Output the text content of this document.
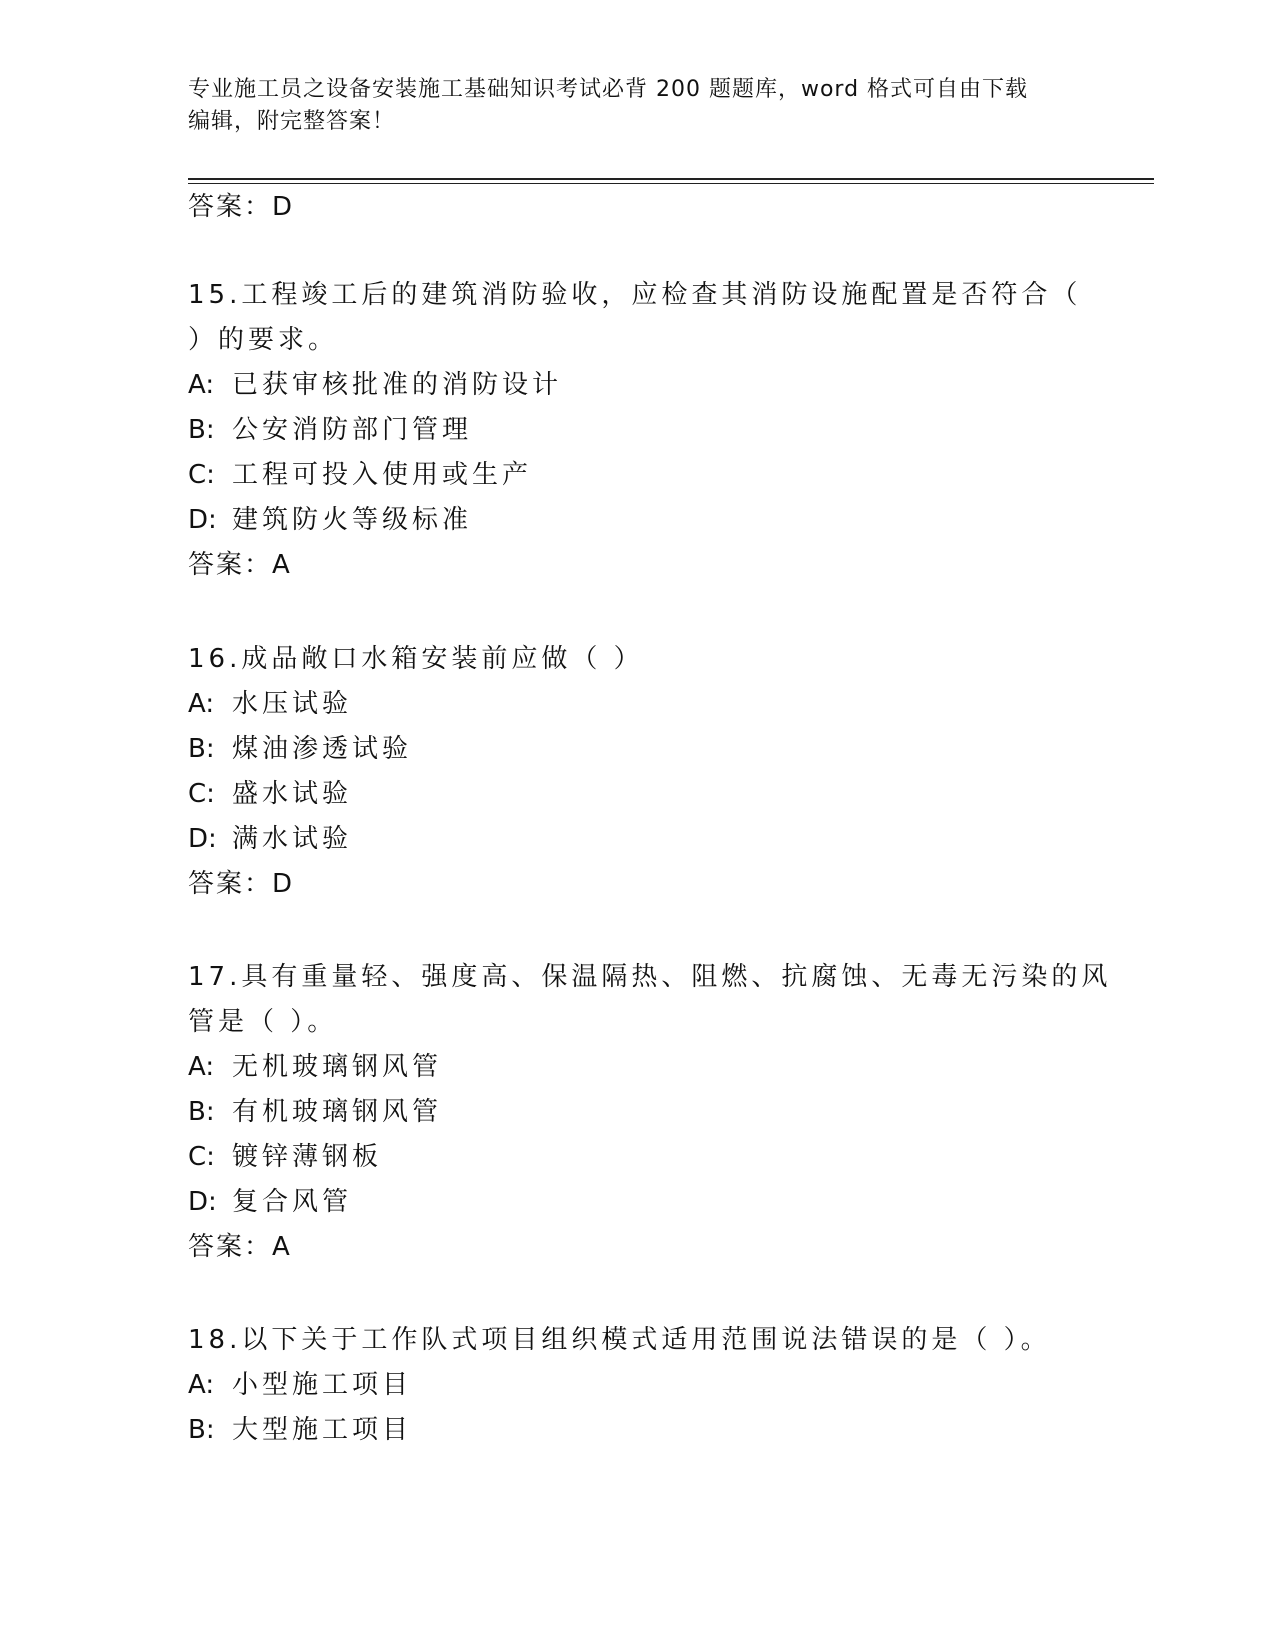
专业施工员之设备安装施工基础知识考试必背 200 题题库，word 格式可自由下载
编辑，附完整答案！
答案：D
15.工程竣工后的建筑消防验收，应检查其消防设施配置是否符合（
）的要求。
A: 已获审核批准的消防设计
B: 公安消防部门管理
C: 工程可投入使用或生产
D: 建筑防火等级标准
答案：A
16.成品敞口水箱安装前应做（ ）
A: 水压试验
B: 煤油渗透试验
C: 盛水试验
D: 满水试验
答案：D
17.具有重量轻、强度高、保温隔热、阻燃、抗腐蚀、无毒无污染的风
管是（ ）。
A: 无机玻璃钢风管
B: 有机玻璃钢风管
C: 镀锌薄钢板
D: 复合风管
答案：A
18.以下关于工作队式项目组织模式适用范围说法错误的是（ ）。
A: 小型施工项目
B: 大型施工项目
